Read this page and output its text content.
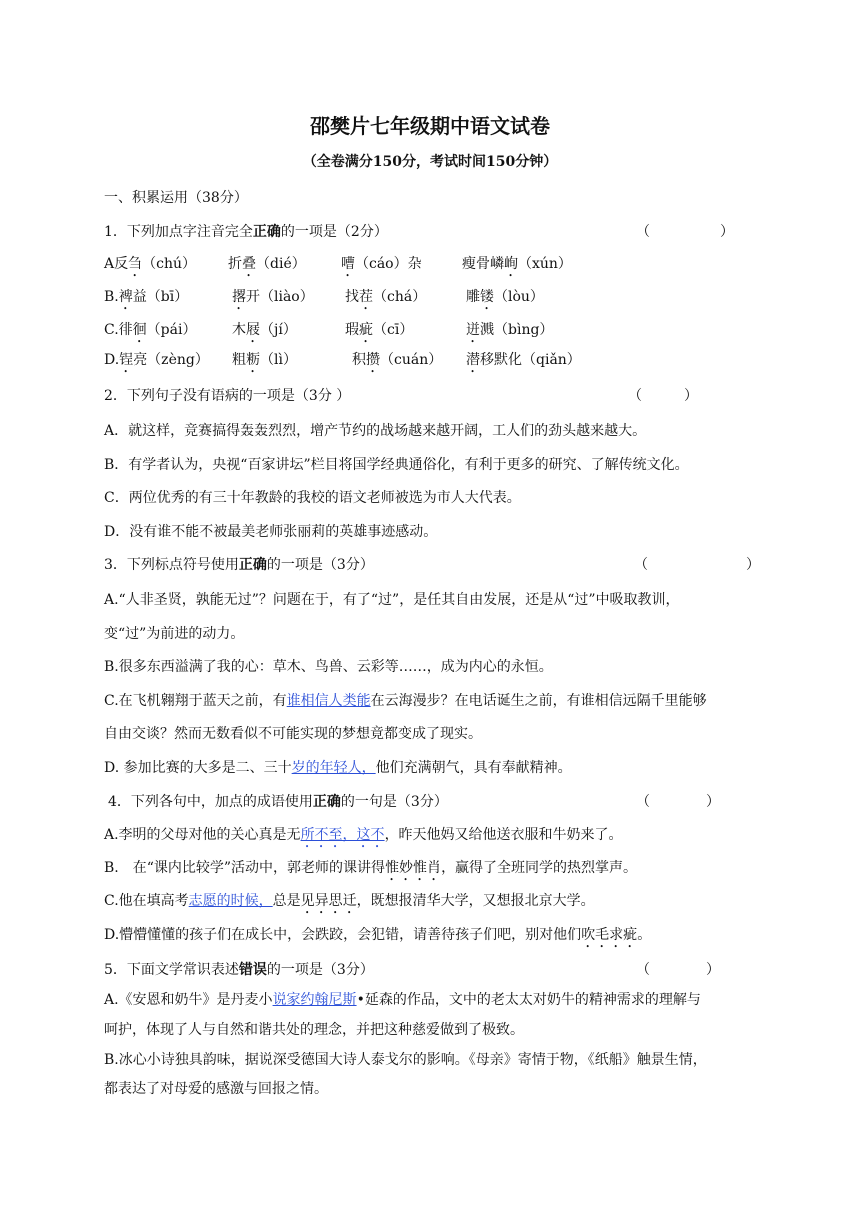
邵樊片七年级期中语文试卷
（全卷满分150分，考试时间150分钟）
一、积累运用（38分）
1．下列加点字注音完全正确的一项是（2分）	（　　　　　）
A反刍（chú） 折叠（dié）	嘈（cáo）杂	瘦骨嶙峋（xún）
B.裨益（bī）	撂开（liào） 找茬（chá）	雕镂（lòu）
C.徘徊（pái）	木屐（jí）	瑕疵（cī）	迸溅（bìng）
D.锃亮（zèng） 粗粝（lì）	积攒（cuán） 潜移默化（qiǎn）
2．下列句子没有语病的一项是（3分 ）	（　　　）
A．就这样，竞赛搞得轰轰烈烈，增产节约的战场越来越开阔，工人们的劲头越来越大。
B．有学者认为，央视“百家讲坛”栏目将国学经典通俗化，有利于更多的研究、了解传统文化。
C．两位优秀的有三十年教龄的我校的语文老师被选为市人大代表。
D．没有谁不能不被最美老师张丽莉的英雄事迹感动。
3．下列标点符号使用正确的一项是（3分）	（　　　　　　　）
A.“人非圣贤，孰能无过”？问题在于，有了“过”，是任其自由发展，还是从“过”中吸取教训，
变“过”为前进的动力。
B.很多东西溢满了我的心：草木、鸟兽、云彩等……，成为内心的永恒。
C.在飞机翱翔于蓝天之前，有谁相信人类能在云海漫步？在电话诞生之前，有谁相信远隔千里能够
自由交谈？然而无数看似不可能实现的梦想竟都变成了现实。
D. 参加比赛的大多是二、三十岁的年轻人，他们充满朝气，具有奉献精神。
4．下列各句中，加点的成语使用正确的一句是（3分）	（　　　　）
A.李明的父母对他的关心真是无所不至，这不，昨天他妈又给他送衣服和牛奶来了。
B.　在“课内比较学”活动中，郭老师的课讲得惟妙惟肖，赢得了全班同学的热烈掌声。
C.他在填高考志愿的时候，总是见异思迁，既想报清华大学，又想报北京大学。
D.懵懵懂懂的孩子们在成长中，会跌跤，会犯错，请善待孩子们吧，别对他们吹毛求疵。
5．下面文学常识表述错误的一项是（3分）	（　　　　）
A.《安恩和奶牛》是丹麦小说家约翰尼斯•延森的作品，文中的老太太对奶牛的精神需求的理解与
呵护，体现了人与自然和谐共处的理念，并把这种慈爱做到了极致。
B.冰心小诗独具韵味，据说深受德国大诗人泰戈尔的影响。《母亲》寄情于物，《纸船》触景生情，
都表达了对母爱的感激与回报之情。
